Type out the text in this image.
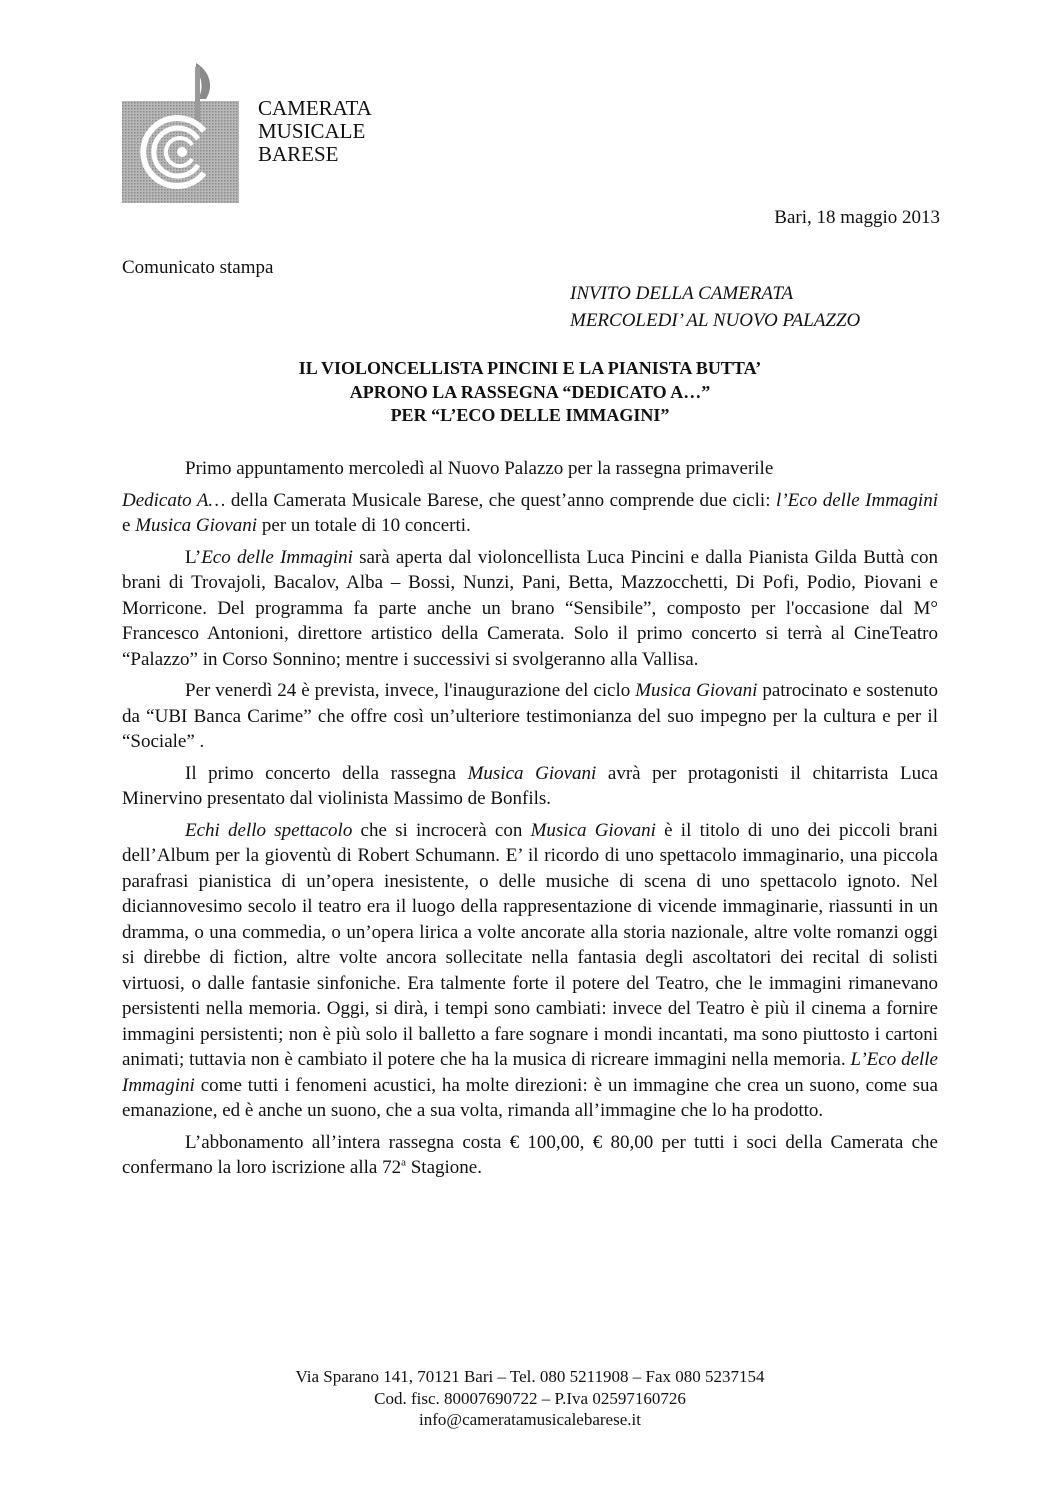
CAMERATA
MUSICALE
BARESE
Bari, 18 maggio 2013
Comunicato stampa
INVITO DELLA CAMERATA
MERCOLEDI’ AL NUOVO PALAZZO
IL VIOLONCELLISTA PINCINI E LA PIANISTA BUTTA’
APRONO LA RASSEGNA “DEDICATO A…”
PER “L’ECO DELLE IMMAGINI”

Primo appuntamento mercoledì al Nuovo Palazzo per la rassegna primaverile

Dedicato A… della Camerata Musicale Barese, che quest’anno comprende due cicli: l’Eco delle Immagini e Musica Giovani per un totale di 10 concerti.

L’Eco delle Immagini sarà aperta dal violoncellista Luca Pincini e dalla Pianista Gilda Buttà con brani di Trovajoli, Bacalov, Alba – Bossi, Nunzi, Pani, Betta, Mazzocchetti, Di Pofi, Podio, Piovani e Morricone. Del programma fa parte anche un brano “Sensibile”, composto per l'occasione dal M° Francesco Antonioni, direttore artistico della Camerata. Solo il primo concerto si terrà al CineTeatro “Palazzo” in Corso Sonnino; mentre i successivi si svolgeranno alla Vallisa.

Per venerdì 24 è prevista, invece, l'inaugurazione del ciclo Musica Giovani patrocinato e sostenuto da “UBI Banca Carime” che offre così un’ulteriore testimonianza del suo impegno per la cultura e per il “Sociale” .

Il primo concerto della rassegna Musica Giovani avrà per protagonisti il chitarrista Luca Minervino presentato dal violinista Massimo de Bonfils.

Echi dello spettacolo che si incrocerà con Musica Giovani è il titolo di uno dei piccoli brani dell’Album per la gioventù di Robert Schumann. E’ il ricordo di uno spettacolo immaginario, una piccola parafrasi pianistica di un’opera inesistente, o delle musiche di scena di uno spettacolo ignoto. Nel diciannovesimo secolo il teatro era il luogo della rappresentazione di vicende immaginarie, riassunti in un dramma, o una commedia, o un’opera lirica a volte ancorate alla storia nazionale, altre volte romanzi oggi si direbbe di fiction, altre volte ancora sollecitate nella fantasia degli ascoltatori dei recital di solisti virtuosi, o dalle fantasie sinfoniche. Era talmente forte il potere del Teatro, che le immagini rimanevano persistenti nella memoria. Oggi, si dirà, i tempi sono cambiati: invece del Teatro è più il cinema a fornire immagini persistenti; non è più solo il balletto a fare sognare i mondi incantati, ma sono piuttosto i cartoni animati; tuttavia non è cambiato il potere che ha la musica di ricreare immagini nella memoria. L’Eco delle Immagini come tutti i fenomeni acustici, ha molte direzioni: è un immagine che crea un suono, come sua emanazione, ed è anche un suono, che a sua volta, rimanda all’immagine che lo ha prodotto.

L’abbonamento all’intera rassegna costa € 100,00, € 80,00 per tutti i soci della Camerata che confermano la loro iscrizione alla 72$^a$ Stagione.

Via Sparano 141, 70121 Bari – Tel. 080 5211908 – Fax 080 5237154
Cod. fisc. 80007690722 – P.Iva 02597160726
info@cameratamusicalebarese.it
